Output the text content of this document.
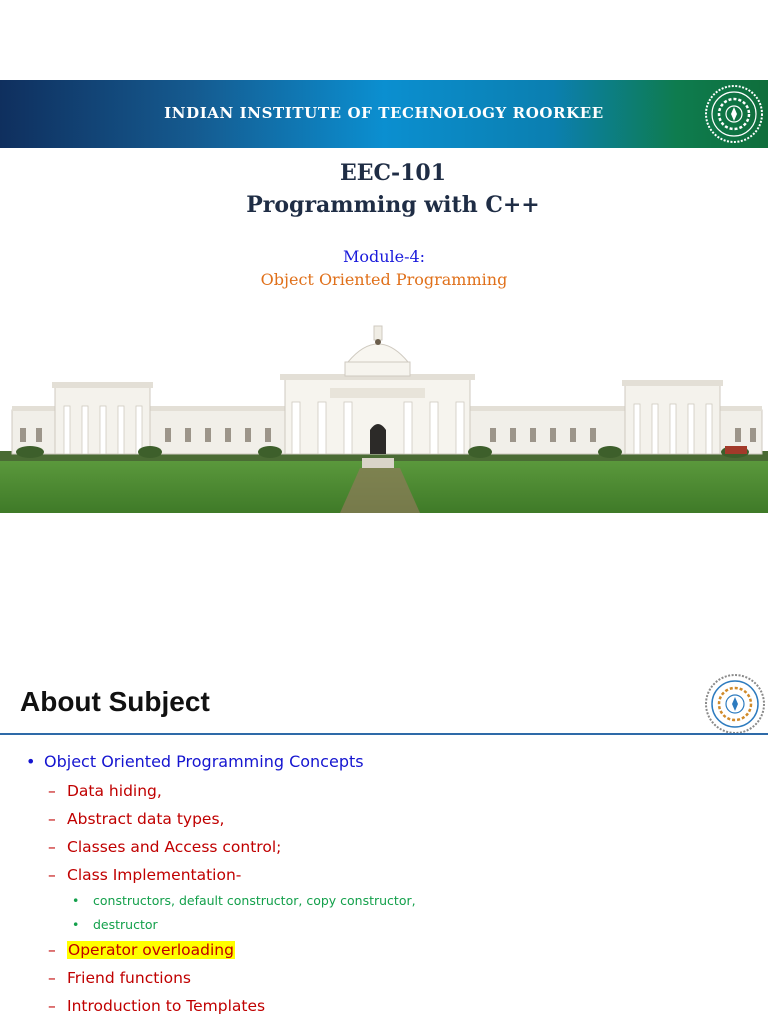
INDIAN INSTITUTE OF TECHNOLOGY ROORKEE
EEC-101
Programming with C++
Module-4:
Object Oriented Programming
About Subject
• Object Oriented Programming Concepts
– Data hiding,
– Abstract data types,
– Classes and Access control;
– Class Implementation-
• constructors, default constructor, copy constructor,
• destructor
– Operator overloading
– Friend functions
– Introduction to Templates
